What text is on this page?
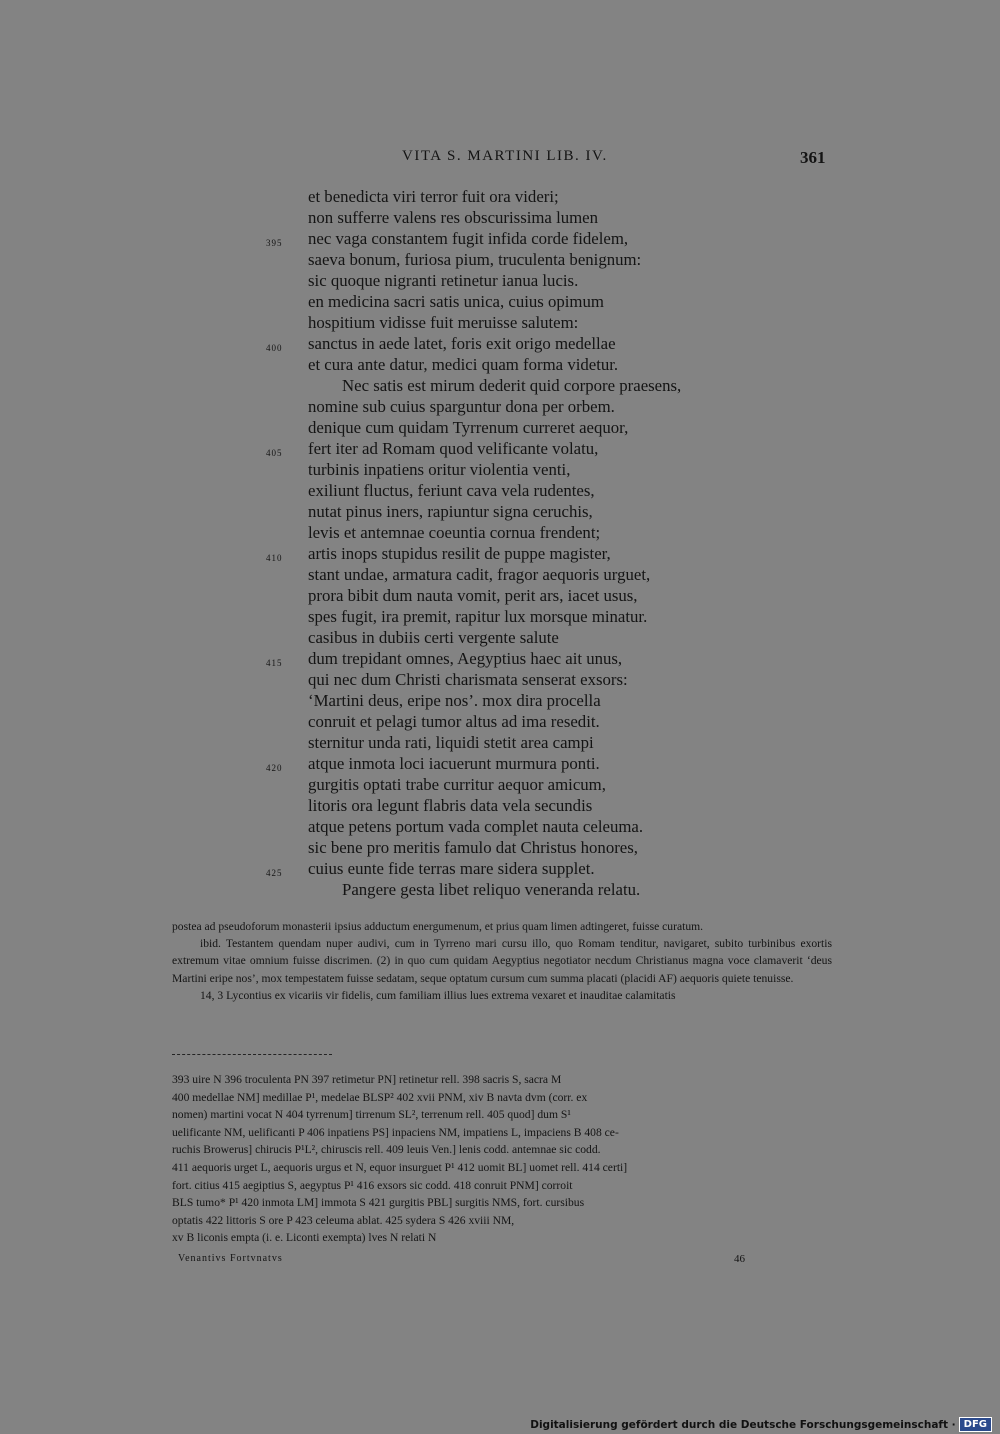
VITA S. MARTINI LIB. IV.	361
et benedicta viri terror fuit ora videri;
non sufferre valens res obscurissima lumen
395 nec vaga constantem fugit infida corde fidelem,
saeva bonum, furiosa pium, truculenta benignum:
sic quoque nigranti retinetur ianua lucis.
en medicina sacri satis unica, cuius opimum
hospitium vidisse fuit meruisse salutem:
400 sanctus in aede latet, foris exit origo medellae
et cura ante datur, medici quam forma videtur.
Nec satis est mirum dederit quid corpore praesens,
nomine sub cuius sparguntur dona per orbem.
denique cum quidam Tyrrenum curreret aequor,
405 fert iter ad Romam quod velificante volatu,
turbinis inpatiens oritur violentia venti,
exiliunt fluctus, feriunt cava vela rudentes,
nutat pinus iners, rapiuntur signa ceruchis,
levis et antemnae coeuntia cornua frendent;
410 artis inops stupidus resilit de puppe magister,
stant undae, armatura cadit, fragor aequoris urguet,
prora bibit dum nauta vomit, perit ars, iacet usus,
spes fugit, ira premit, rapitur lux morsque minatur.
casibus in dubiis certi vergente salute
415 dum trepidant omnes, Aegyptius haec ait unus,
qui nec dum Christi charismata senserat exsors:
‘Martini deus, eripe nos’. mox dira procella
conruit et pelagi tumor altus ad ima resedit.
sternitur unda rati, liquidi stetit area campi
420 atque inmota loci iacuerunt murmura ponti.
gurgitis optati trabe curritur aequor amicum,
litoris ora legunt flabris data vela secundis
atque petens portum vada complet nauta celeuma.
sic bene pro meritis famulo dat Christus honores,
425 cuius eunte fide terras mare sidera supplet.
Pangere gesta libet reliquo veneranda relatu.

postea ad pseudoforum monasterii ipsius adductum energumenum, et prius quam limen adtingeret, fuisse curatum.

ibid. Testantem quendam nuper audivi, cum in Tyrreno mari cursu illo, quo Romam tenditur, navigaret, subito turbinibus exortis extremum vitae omnium fuisse discrimen. (2) in quo cum quidam Aegyptius negotiator necdum Christianus magna voce clamaverit ‘deus Martini eripe nos’, mox tempestatem fuisse sedatam, seque optatum cursum cum summa placati (placidi AF) aequoris quiete tenuisse.

14, 3 Lycontius ex vicariis vir fidelis, cum familiam illius lues extrema vexaret et inauditae calamitatis

393 uire N 396 troculenta PN 397 retimetur PN] retinetur rell. 398 sacris S, sacra M
400 medellae NM] medillae P¹, medelae BLSP² 402 xvii PNM, xiv B navta dvm (corr. ex
nomen) martini vocat N 404 tyrrenum] tirrenum SL², terrenum rell. 405 quod] dum S¹
uelificante NM, uelificanti P 406 inpatiens PS] inpaciens NM, impatiens L, impaciens B 408 ce-
ruchis Browerus] chirucis P¹L², chiruscis rell. 409 leuis Ven.] lenis codd. antemnae sic codd.
411 aequoris urget L, aequoris urgus et N, equor insurguet P¹ 412 uomit BL] uomet rell. 414 certi]
fort. citius 415 aegiptius S, aegyptus P¹ 416 exsors sic codd. 418 conruit PNM] corroit
BLS tumo* P¹ 420 inmota LM] immota S 421 gurgitis PBL] surgitis NMS, fort. cursibus
optatis 422 littoris S ore P 423 celeuma ablat. 425 sydera S 426 xviii NM,
xv B liconis empta (i. e. Liconti exempta) lves N relati N
Venantivs Fortvnatvs	46
Digitalisierung gefördert durch die Deutsche Forschungsgemeinschaft · DFG
